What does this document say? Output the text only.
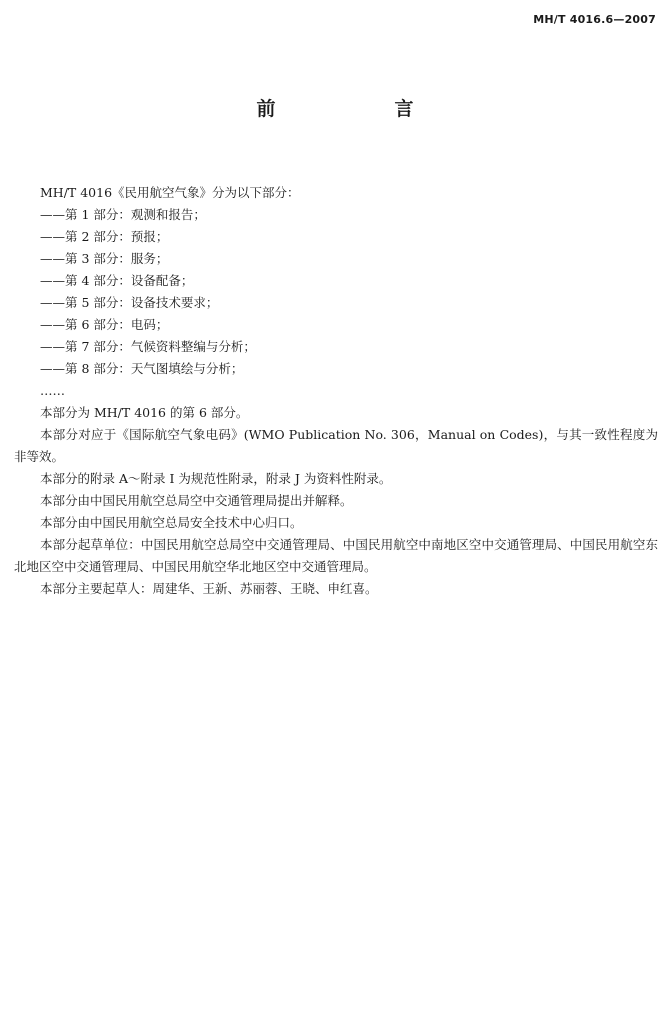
MH/T 4016.6—2007
前　言
MH/T 4016《民用航空气象》分为以下部分：
——第 1 部分：观测和报告；
——第 2 部分：预报；
——第 3 部分：服务；
——第 4 部分：设备配备；
——第 5 部分：设备技术要求；
——第 6 部分：电码；
——第 7 部分：气候资料整编与分析；
——第 8 部分：天气图填绘与分析；
……
本部分为 MH/T 4016 的第 6 部分。
本部分对应于《国际航空气象电码》(WMO Publication No. 306，Manual on Codes)，与其一致性程度为非等效。
本部分的附录 A～附录 I 为规范性附录，附录 J 为资料性附录。
本部分由中国民用航空总局空中交通管理局提出并解释。
本部分由中国民用航空总局安全技术中心归口。
本部分起草单位：中国民用航空总局空中交通管理局、中国民用航空中南地区空中交通管理局、中国民用航空东北地区空中交通管理局、中国民用航空华北地区空中交通管理局。
本部分主要起草人：周建华、王新、苏丽蓉、王晓、申红喜。
